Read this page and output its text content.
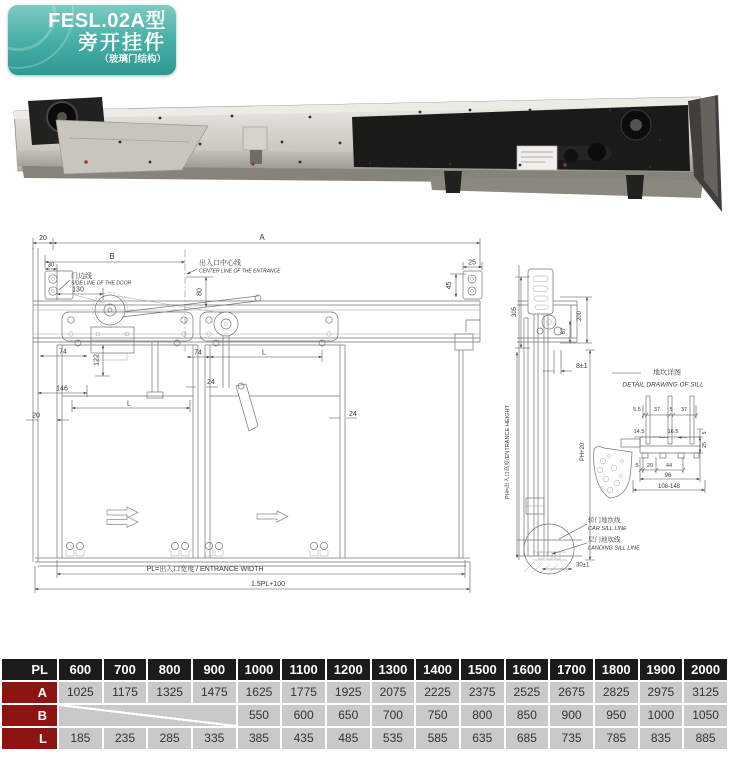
FESL.02A型
旁开挂件
（玻璃门结构）
20	A
B
30
130
门边线
SIDE LINE OF THE DOOR
出入口中心线
CENTER LINE OF THE ENTRANCE
80
25
45
74	74	L
122
146
L
24
24
20
PL=出入口宽度 / ENTRANCE WIDTH
1.5PL+100
305	200
67
8±1
PH=出入口高度/ENTRANCE HEIGHT	PH+20
30±1
轿门地坎线
CAR SILL LINE
层门地坎线
LANDING SILL LINE
地坎详图
DETAIL DRAWING OF SILL
5.5 37 5 37
14.5	16.5	5
25
5 20 44
96
108-148
PL	600	700	800	900	1000	1100	1200	1300	1400	1500	1600	1700	1800	1900	2000
A	1025	1175	1325	1475	1625	1775	1925	2075	2225	2375	2525	2675	2825	2975	3125
B					550	600	650	700	750	800	850	900	950	1000	1050
L	185	235	285	335	385	435	485	535	585	635	685	735	785	835	885
